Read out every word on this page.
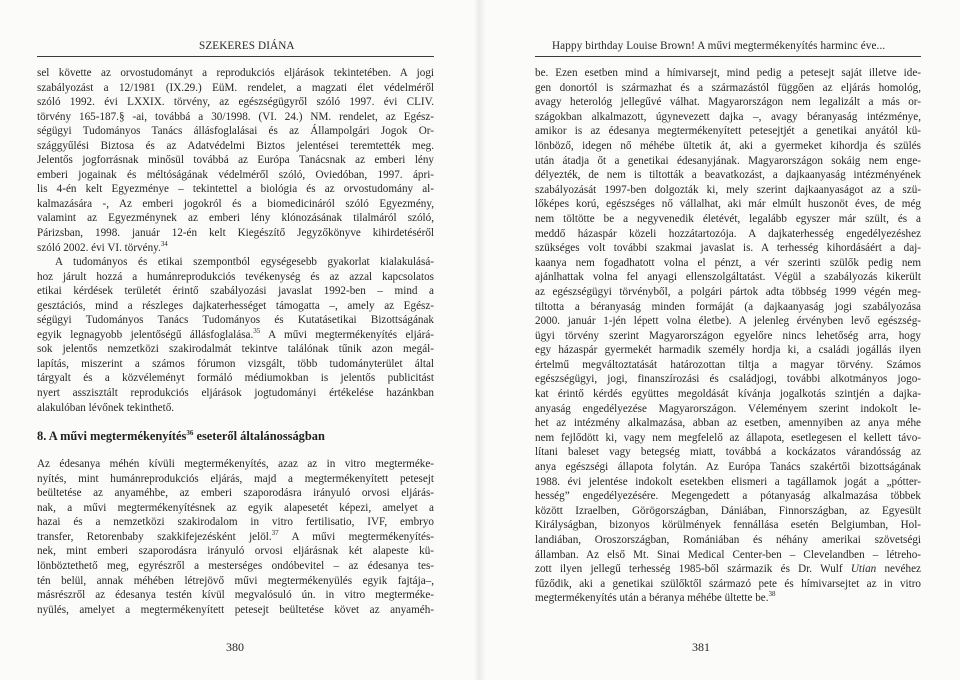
SZEKERES DIÁNA
sel követte az orvostudományt a reprodukciós eljárások tekintetében. A jogi
szabályozást a 12/1981 (IX.29.) EüM. rendelet, a magzati élet védelméről
szóló 1992. évi LXXIX. törvény, az egészségügyről szóló 1997. évi CLIV.
törvény 165-187.§ -ai, továbbá a 30/1998. (VI. 24.) NM. rendelet, az Egész-
ségügyi Tudományos Tanács állásfoglalásai és az Állampolgári Jogok Or-
szággyűlési Biztosa és az Adatvédelmi Biztos jelentései teremtették meg.
Jelentős jogforrásnak minősül továbbá az Európa Tanácsnak az emberi lény
emberi jogainak és méltóságának védelméről szóló, Oviedóban, 1997. ápri-
lis 4-én kelt Egyezménye – tekintettel a biológia és az orvostudomány al-
kalmazására -, Az emberi jogokról és a biomedicináról szóló Egyezmény,
valamint az Egyezménynek az emberi lény klónozásának tilalmáról szóló,
Párizsban, 1998. január 12-én kelt Kiegészítő Jegyzőkönyve kihirdetéséről
szóló 2002. évi VI. törvény.$^{34}$
A tudományos és etikai szempontból egységesebb gyakorlat kialakulásá-
hoz járult hozzá a humánreprodukciós tevékenység és az azzal kapcsolatos
etikai kérdések területét érintő szabályozási javaslat 1992-ben – mind a
gesztációs, mind a részleges dajkaterhességet támogatta –, amely az Egész-
ségügyi Tudományos Tanács Tudományos és Kutatásetikai Bizottságának
egyik legnagyobb jelentőségű állásfoglalása.$^{35}$ A művi megtermékenyítés eljárá-
sok jelentős nemzetközi szakirodalmát tekintve találónak tűnik azon megál-
lapítás, miszerint a számos fórumon vizsgált, több tudományterület által
tárgyalt és a közvéleményt formáló médiumokban is jelentős publicitást
nyert asszisztált reprodukciós eljárások jogtudományi értékelése hazánkban
alakulóban lévőnek tekinthető.
8. A művi megtermékenyítés$^{36}$ eseteről általánosságban
Az édesanya méhén kívüli megtermékenyítés, azaz az in vitro megterméke-
nyítés, mint humánreprodukciós eljárás, majd a megtermékenyített petesejt
beültetése az anyaméhbe, az emberi szaporodásra irányuló orvosi eljárás-
nak, a művi megtermékenyítésnek az egyik alapesetét képezi, amelyet a
hazai és a nemzetközi szakirodalom in vitro fertilisatio, IVF, embryo
transfer, Retorenbaby szakkifejezésként jelöl.$^{37}$ A művi megtermékenyítés-
nek, mint emberi szaporodásra irányuló orvosi eljárásnak két alapeste kü-
lönböztethető meg, egyrészről a mesterséges ondóbevitel – az édesanya tes-
tén belül, annak méhében létrejövő művi megtermékenyülés egyik fajtája–,
másrészről az édesanya testén kívül megvalósuló ún. in vitro megtermékе-
nyülés, amelyet a megtermékenyített petesejt beültetése követ az anyaméh-
380
Happy birthday Louise Brown! A művi megtermékenyítés harminc éve...
be. Ezen esetben mind a hímivarsejt, mind pedig a petesejt saját illetve ide-
gen donortól is származhat és a származástól függően az eljárás homológ,
avagy heterológ jellegűvé válhat. Magyarországon nem legalizált a más or-
szágokban alkalmazott, úgynevezett dajka –, avagy béranyaság intézménye,
amikor is az édesanya megtermékenyített petesejtjét a genetikai anyától kü-
lönböző, idegen nő méhébe ültetik át, aki a gyermeket kihordja és szülés
után átadja őt a genetikai édesanyjának. Magyarországon sokáig nem enge-
délyezték, de nem is tiltották a beavatkozást, a dajkaanyaság intézményének
szabályozását 1997-ben dolgozták ki, mely szerint dajkaanyaságot az a szü-
lőképes korú, egészséges nő vállalhat, aki már elmúlt huszonöt éves, de még
nem töltötte be a negyvenedik életévét, legalább egyszer már szült, és a
meddő házaspár közeli hozzátartozója. A dajkaterhesség engedélyezéshez
szükséges volt további szakmai javaslat is. A terhesség kihordásáért a daj-
kaanya nem fogadhatott volna el pénzt, a vér szerinti szülők pedig nem
ajánlhattak volna fel anyagi ellenszolgáltatást. Végül a szabályozás kikerült
az egészségügyi törvényből, a polgári pártok adta többség 1999 végén meg-
tiltotta a béranyaság minden formáját (a dajkaanyaság jogi szabályozása
2000. január 1-jén lépett volna életbe). A jelenleg érvényben levő egészség-
ügyi törvény szerint Magyarországon egyelőre nincs lehetőség arra, hogy
egy házaspár gyermekét harmadik személy hordja ki, a családi jogállás ilyen
értelmű megváltoztatását határozottan tiltja a magyar törvény. Számos
egészségügyi, jogi, finanszírozási és családjogi, további alkotmányos jogo-
kat érintő kérdés együttes megoldását kívánja jogalkotás szintjén a dajka-
anyaság engedélyezése Magyarországon. Véleményem szerint indokolt le-
het az intézmény alkalmazása, abban az esetben, amennyiben az anya méhe
nem fejlődött ki, vagy nem megfelelő az állapota, esetlegesen el kellett távo-
lítani baleset vagy betegség miatt, továbbá a kockázatos várandósság az
anya egészségi állapota folytán. Az Európa Tanács szakértői bizottságának
1988. évi jelentése indokolt esetekben elismeri a tagállamok jogát a „pótter-
hesség” engedélyezésére. Megengedett a pótanyaság alkalmazása többek
között Izraelben, Görögországban, Dániában, Finnországban, az Egyesült
Királyságban, bizonyos körülmények fennállása esetén Belgiumban, Hol-
landiában, Oroszországban, Romániában és néhány amerikai szövetségi
államban. Az első Mt. Sinai Medical Center-ben – Clevelandben – létreho-
zott ilyen jellegű terhesség 1985-ből származik és Dr. Wulf Utian nevéhez
fűződik, aki a genetikai szülőktől származó pete és hímivarsejtet az in vitro
megtermékenyítés után a béranya méhébe ültette be.$^{38}$
381
